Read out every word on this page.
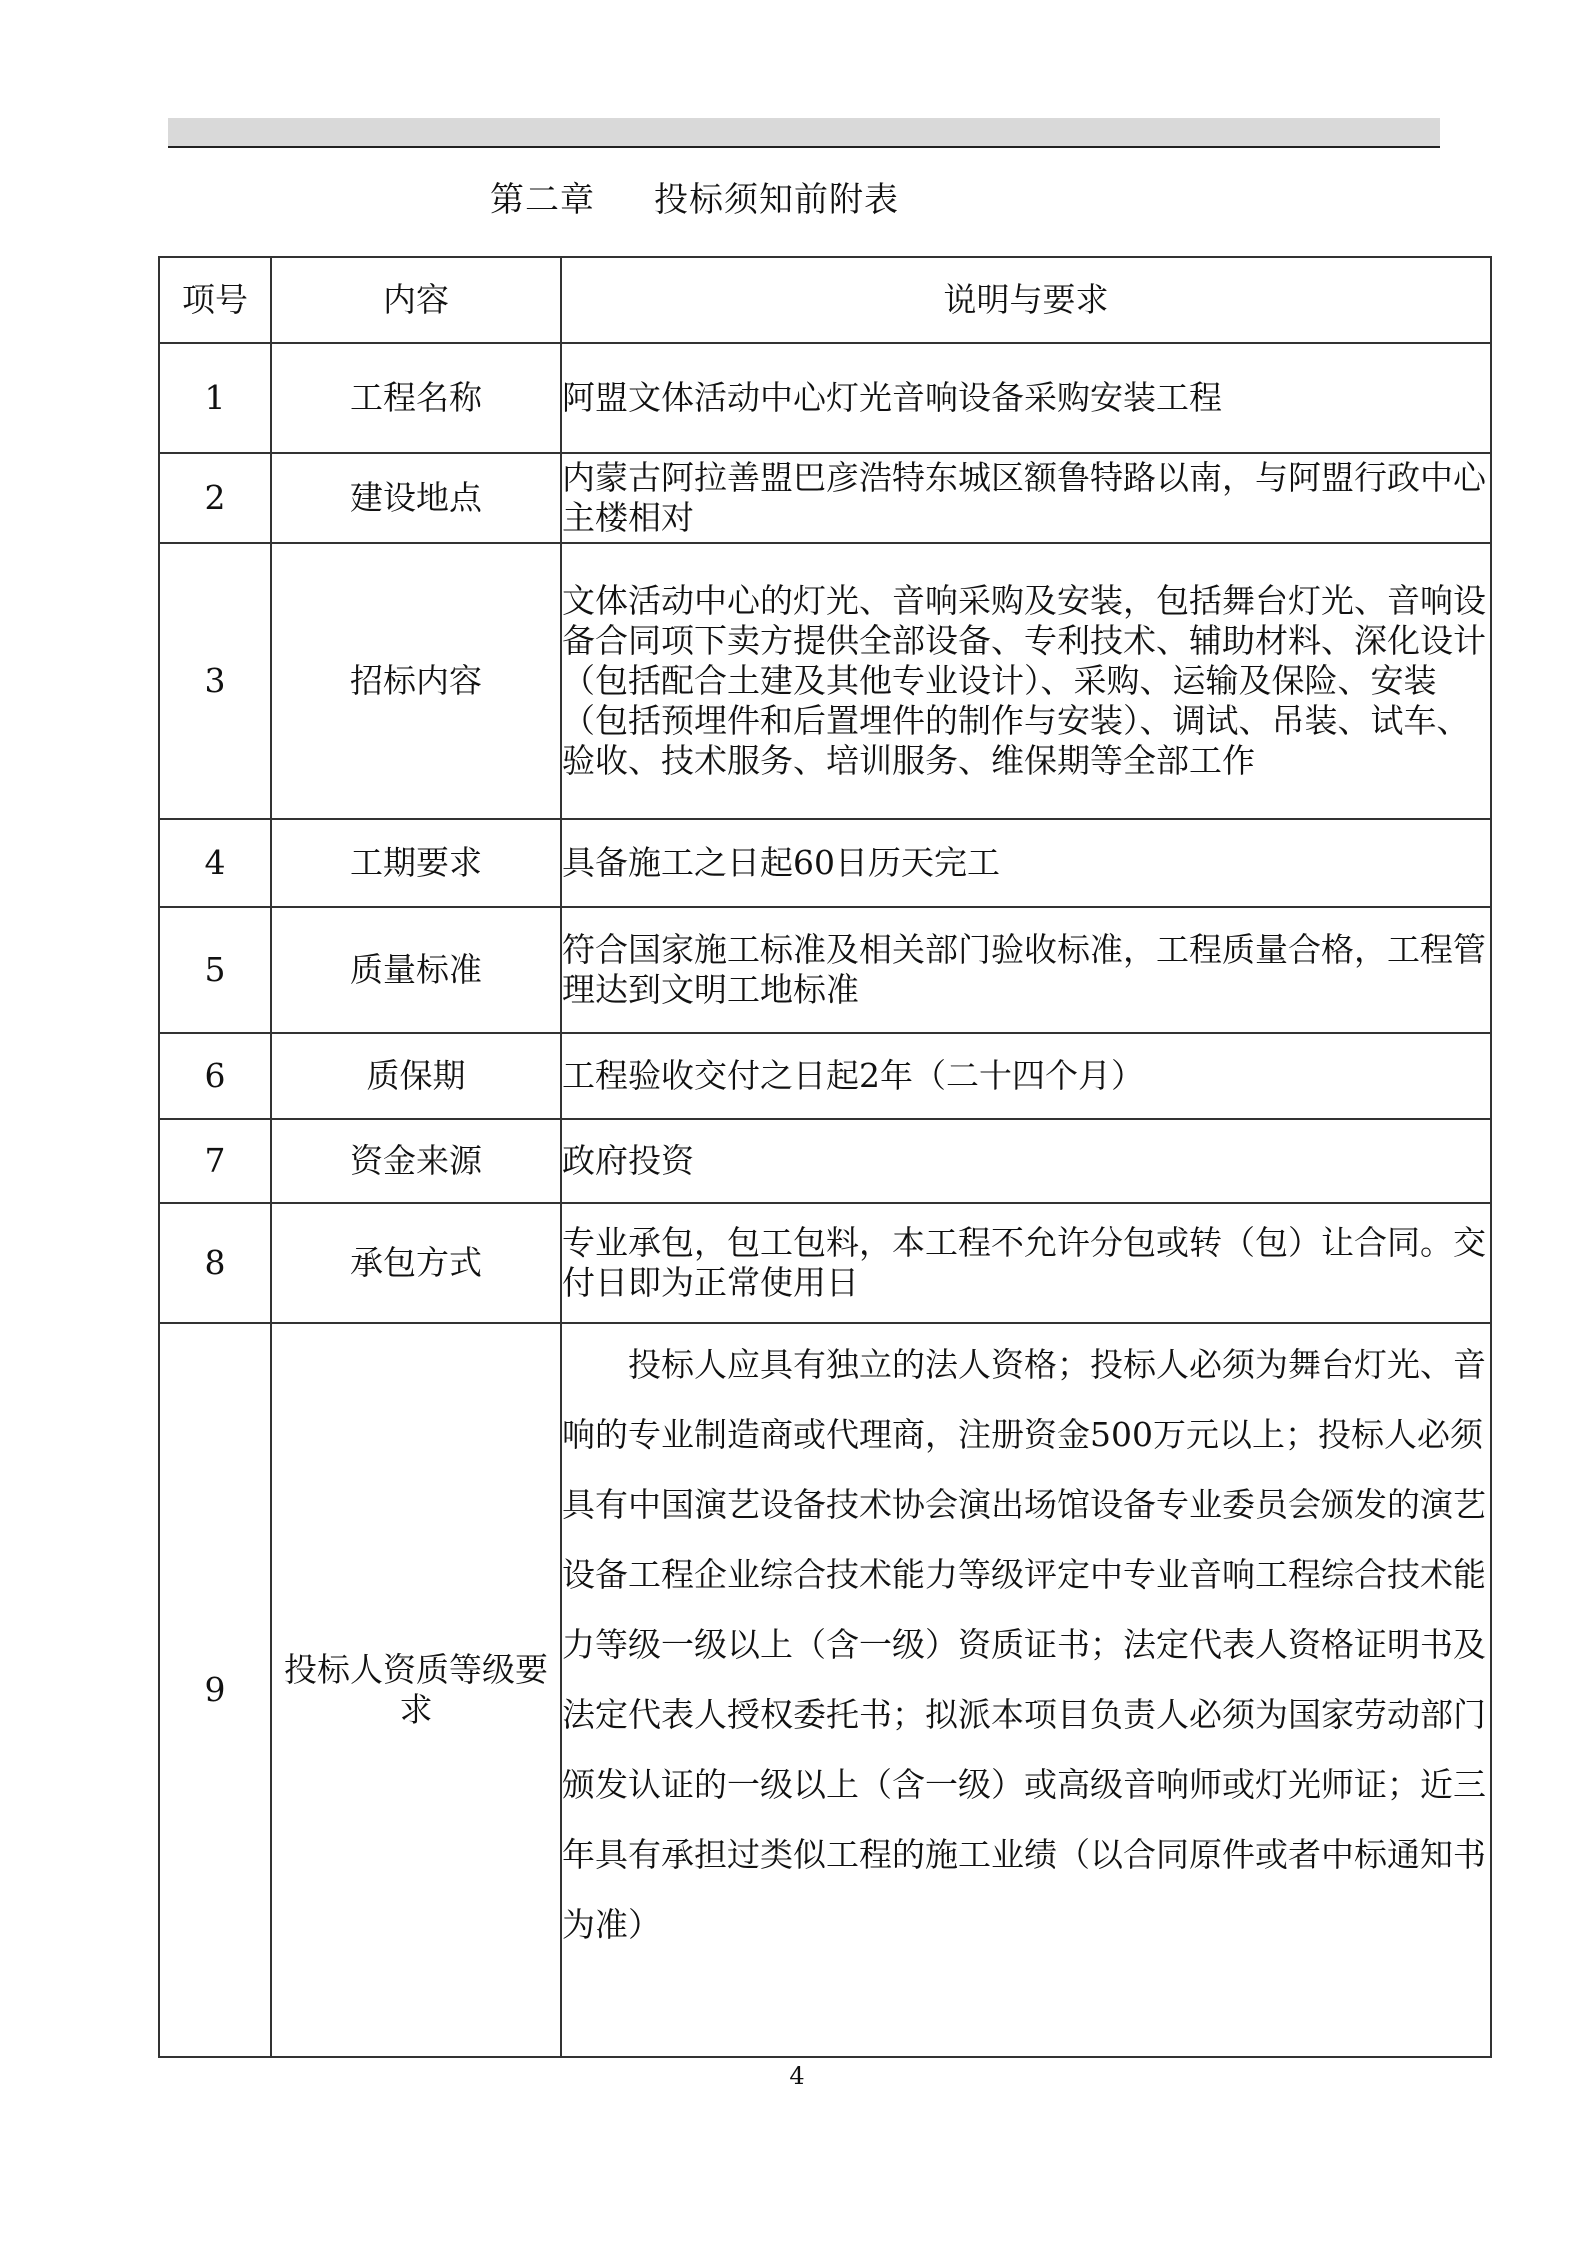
第二章     投标须知前附表
项号	内容	说明与要求
1	工程名称	阿盟文体活动中心灯光音响设备采购安装工程
2	建设地点	内蒙古阿拉善盟巴彦浩特东城区额鲁特路以南，与阿盟行政中心主楼相对
3	招标内容	文体活动中心的灯光、音响采购及安装，包括舞台灯光、音响设备合同项下卖方提供全部设备、专利技术、辅助材料、深化设计（包括配合土建及其他专业设计）、采购、运输及保险、安装（包括预埋件和后置埋件的制作与安装）、调试、吊装、试车、验收、技术服务、培训服务、维保期等全部工作
4	工期要求	具备施工之日起60日历天完工
5	质量标准	符合国家施工标准及相关部门验收标准，工程质量合格，工程管理达到文明工地标准
6	质保期	工程验收交付之日起2年（二十四个月）
7	资金来源	政府投资
8	承包方式	专业承包，包工包料，本工程不允许分包或转（包）让合同。交付日即为正常使用日
9	投标人资质等级要求	投标人应具有独立的法人资格；投标人必须为舞台灯光、音响的专业制造商或代理商，注册资金500万元以上；投标人必须具有中国演艺设备技术协会演出场馆设备专业委员会颁发的演艺设备工程企业综合技术能力等级评定中专业音响工程综合技术能力等级一级以上（含一级）资质证书；法定代表人资格证明书及法定代表人授权委托书；拟派本项目负责人必须为国家劳动部门颁发认证的一级以上（含一级）或高级音响师或灯光师证；近三年具有承担过类似工程的施工业绩（以合同原件或者中标通知书为准）
4
